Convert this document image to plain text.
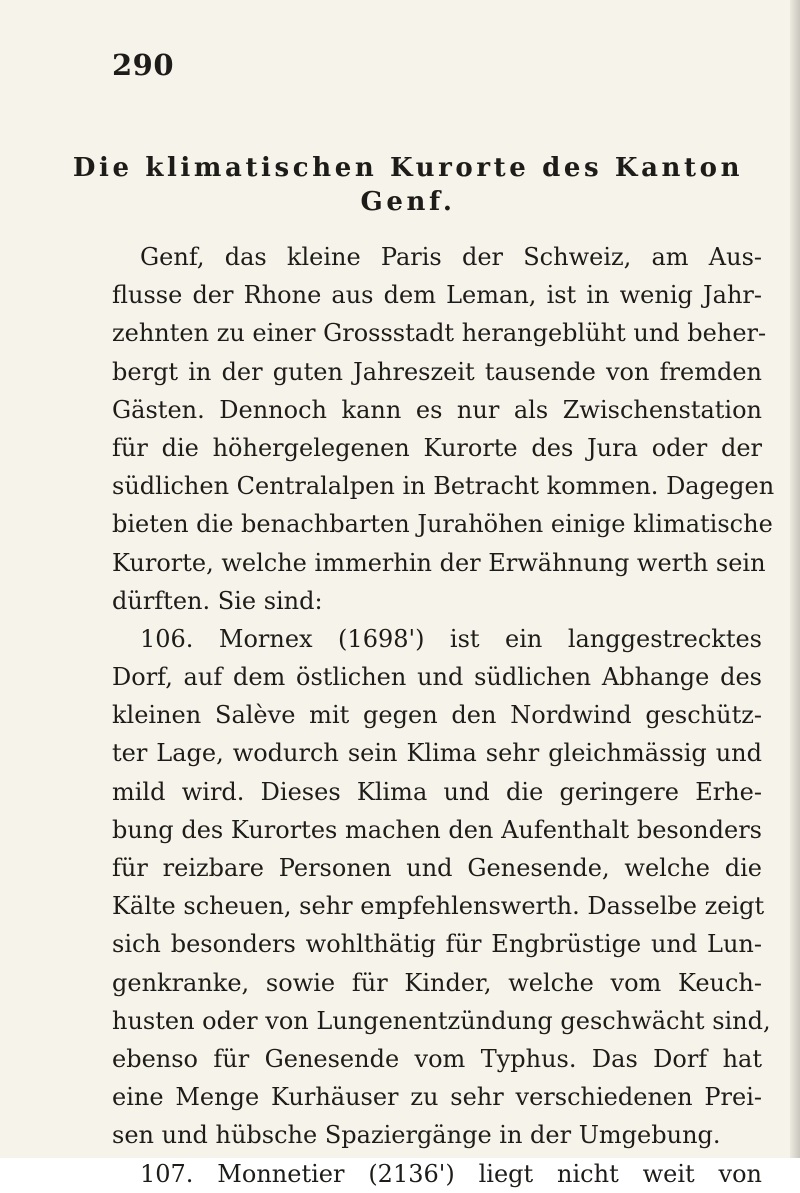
290
Die klimatischen Kurorte des Kanton
Genf.
Genf, das kleine Paris der Schweiz, am Aus-
flusse der Rhone aus dem Leman, ist in wenig Jahr-
zehnten zu einer Grossstadt herangeblüht und beher-
bergt in der guten Jahreszeit tausende von fremden
Gästen. Dennoch kann es nur als Zwischenstation
für die höhergelegenen Kurorte des Jura oder der
südlichen Centralalpen in Betracht kommen. Dagegen
bieten die benachbarten Jurahöhen einige klimatische
Kurorte, welche immerhin der Erwähnung werth sein
dürften. Sie sind:
106. Mornex (1698') ist ein langgestrecktes
Dorf, auf dem östlichen und südlichen Abhange des
kleinen Salève mit gegen den Nordwind geschütz-
ter Lage, wodurch sein Klima sehr gleichmässig und
mild wird. Dieses Klima und die geringere Erhe-
bung des Kurortes machen den Aufenthalt besonders
für reizbare Personen und Genesende, welche die
Kälte scheuen, sehr empfehlenswerth. Dasselbe zeigt
sich besonders wohlthätig für Engbrüstige und Lun-
genkranke, sowie für Kinder, welche vom Keuch-
husten oder von Lungenentzündung geschwächt sind,
ebenso für Genesende vom Typhus. Das Dorf hat
eine Menge Kurhäuser zu sehr verschiedenen Prei-
sen und hübsche Spaziergänge in der Umgebung.
107. Monnetier (2136') liegt nicht weit von
